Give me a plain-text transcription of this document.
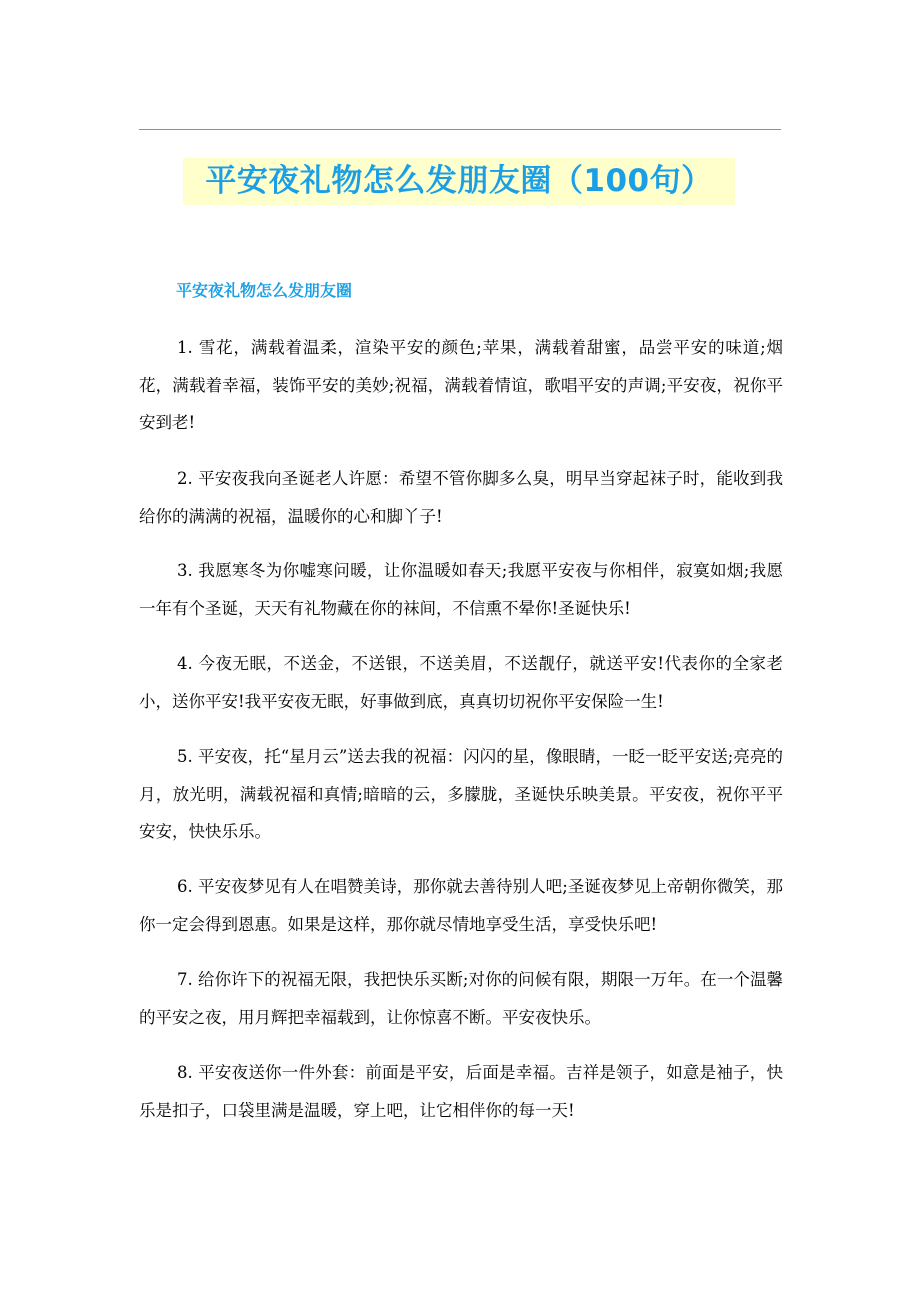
平安夜礼物怎么发朋友圈（100句）
平安夜礼物怎么发朋友圈

1. 雪花，满载着温柔，渲染平安的颜色;苹果，满载着甜蜜，品尝平安的味道;烟花，满载着幸福，装饰平安的美妙;祝福，满载着情谊，歌唱平安的声调;平安夜，祝你平安到老!

2. 平安夜我向圣诞老人许愿：希望不管你脚多么臭，明早当穿起袜子时，能收到我给你的满满的祝福，温暖你的心和脚丫子!

3. 我愿寒冬为你嘘寒问暖，让你温暖如春天;我愿平安夜与你相伴，寂寞如烟;我愿一年有个圣诞，天天有礼物藏在你的袜间，不信熏不晕你!圣诞快乐!

4. 今夜无眠，不送金，不送银，不送美眉，不送靓仔，就送平安!代表你的全家老小，送你平安!我平安夜无眠，好事做到底，真真切切祝你平安保险一生!

5. 平安夜，托“星月云”送去我的祝福：闪闪的星，像眼睛，一眨一眨平安送;亮亮的月，放光明，满载祝福和真情;暗暗的云，多朦胧，圣诞快乐映美景。平安夜，祝你平平安安，快快乐乐。

6. 平安夜梦见有人在唱赞美诗，那你就去善待别人吧;圣诞夜梦见上帝朝你微笑，那你一定会得到恩惠。如果是这样，那你就尽情地享受生活，享受快乐吧!

7. 给你许下的祝福无限，我把快乐买断;对你的问候有限，期限一万年。在一个温馨的平安之夜，用月辉把幸福载到，让你惊喜不断。平安夜快乐。

8. 平安夜送你一件外套：前面是平安，后面是幸福。吉祥是领子，如意是袖子，快乐是扣子，口袋里满是温暖，穿上吧，让它相伴你的每一天!
